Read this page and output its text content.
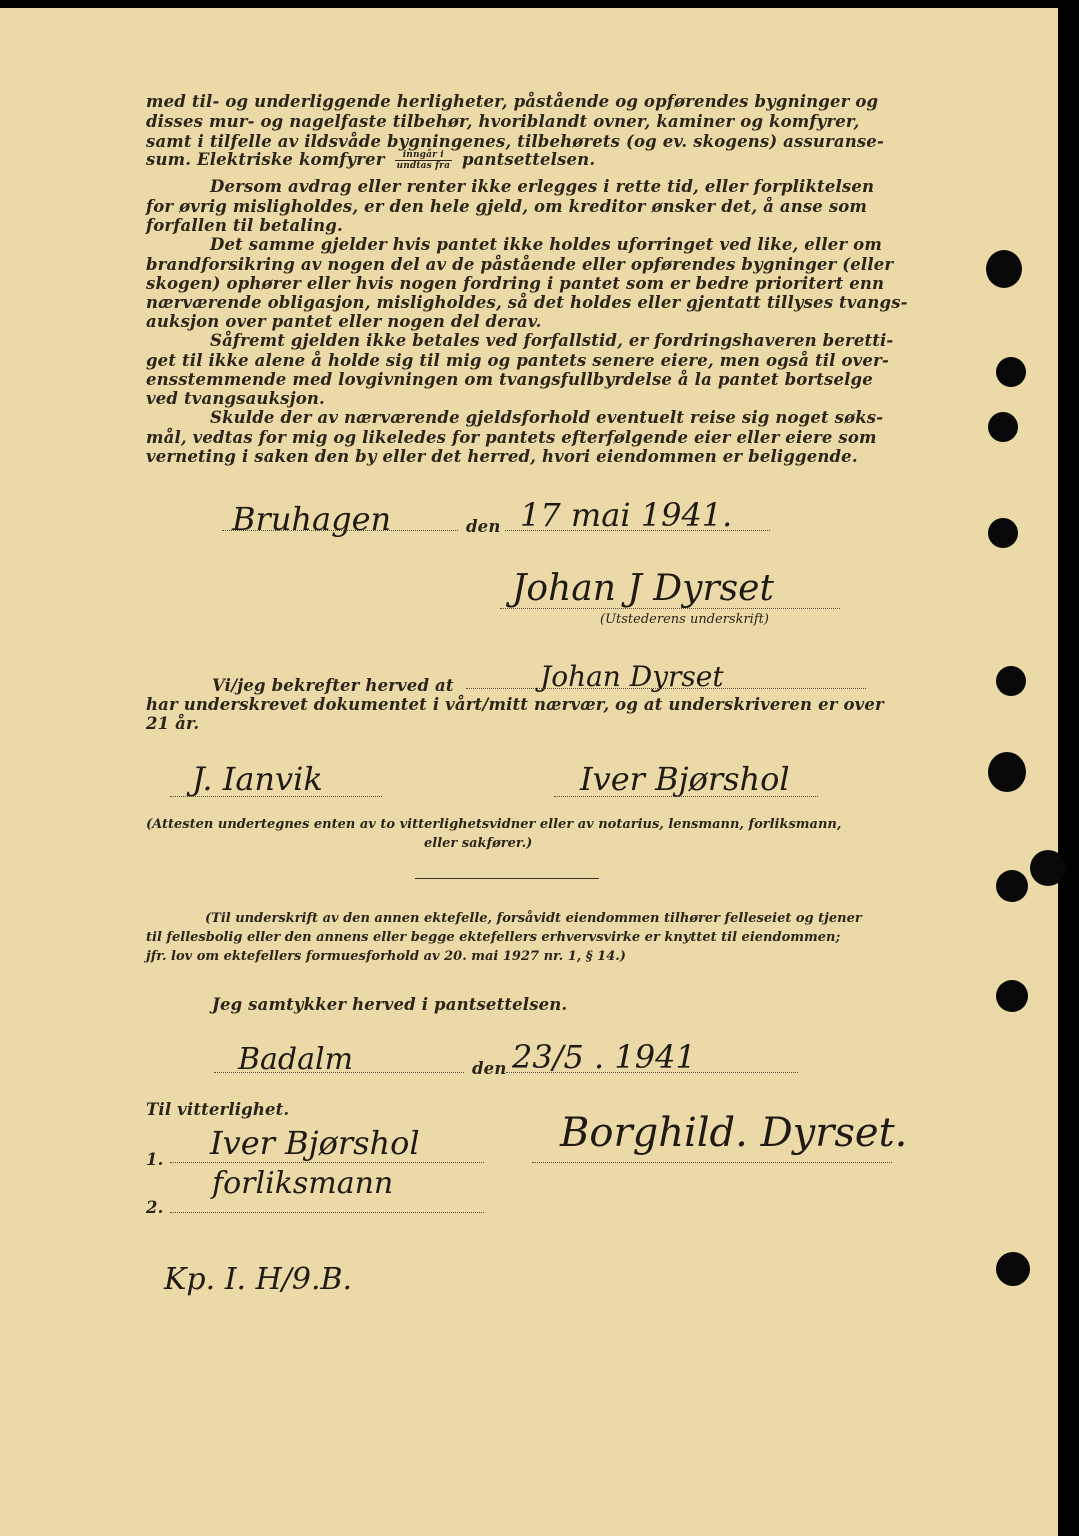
med til- og underliggende herligheter, påstående og opførendes bygninger og
disses mur- og nagelfaste tilbehør, hvoriblandt ovner, kaminer og komfyrer,
samt i tilfelle av ildsvåde bygningenes, tilbehørets (og ev. skogens) assuranse-
sum. Elektriske komfyrer $\frac{\text{inngår i}}{\text{undtas fra}}$ pantsettelsen.
Dersom avdrag eller renter ikke erlegges i rette tid, eller forpliktelsen
for øvrig misligholdes, er den hele gjeld, om kreditor ønsker det, å anse som
forfallen til betaling.
Det samme gjelder hvis pantet ikke holdes uforringet ved like, eller om
brandforsikring av nogen del av de påstående eller opførendes bygninger (eller
skogen) ophører eller hvis nogen fordring i pantet som er bedre prioritert enn
nærværende obligasjon, misligholdes, så det holdes eller gjentatt tillyses tvangs-
auksjon over pantet eller nogen del derav.
Såfremt gjelden ikke betales ved forfallstid, er fordringshaveren beretti-
get til ikke alene å holde sig til mig og pantets senere eiere, men også til over-
ensstemmende med lovgivningen om tvangsfullbyrdelse å la pantet bortselge
ved tvangsauksjon.
Skulde der av nærværende gjeldsforhold eventuelt reise sig noget søks-
mål, vedtas for mig og likeledes for pantets efterfølgende eier eller eiere som
verneting i saken den by eller det herred, hvori eiendommen er beliggende.
Bruhagen	den 17 mai 1941.
Johan J Dyrset
(Utstederens underskrift)
Vi/jeg bekrefter herved at	Johan Dyrset
har underskrevet dokumentet i vårt/mitt nærvær, og at underskriveren er over
21 år.
J. Ianvik	Iver Bjørshol
(Attesten undertegnes enten av to vitterlighetsvidner eller av notarius, lensmann, forliksmann,
eller sakfører.)
(Til underskrift av den annen ektefelle, forsåvidt eiendommen tilhører felleseiet og tjener
til fellesbolig eller den annens eller begge ektefellers erhvervsvirke er knyttet til eiendommen;
jfr. lov om ektefellers formuesforhold av 20. mai 1927 nr. 1, § 14.)
Jeg samtykker herved i pantsettelsen.
Badalm	den 23/5 . 1941
Til vitterlighet.
1. Iver Bjørshol	Borghild. Dyrset.
forliksmann
2.
Kp. I. H/9.B.
